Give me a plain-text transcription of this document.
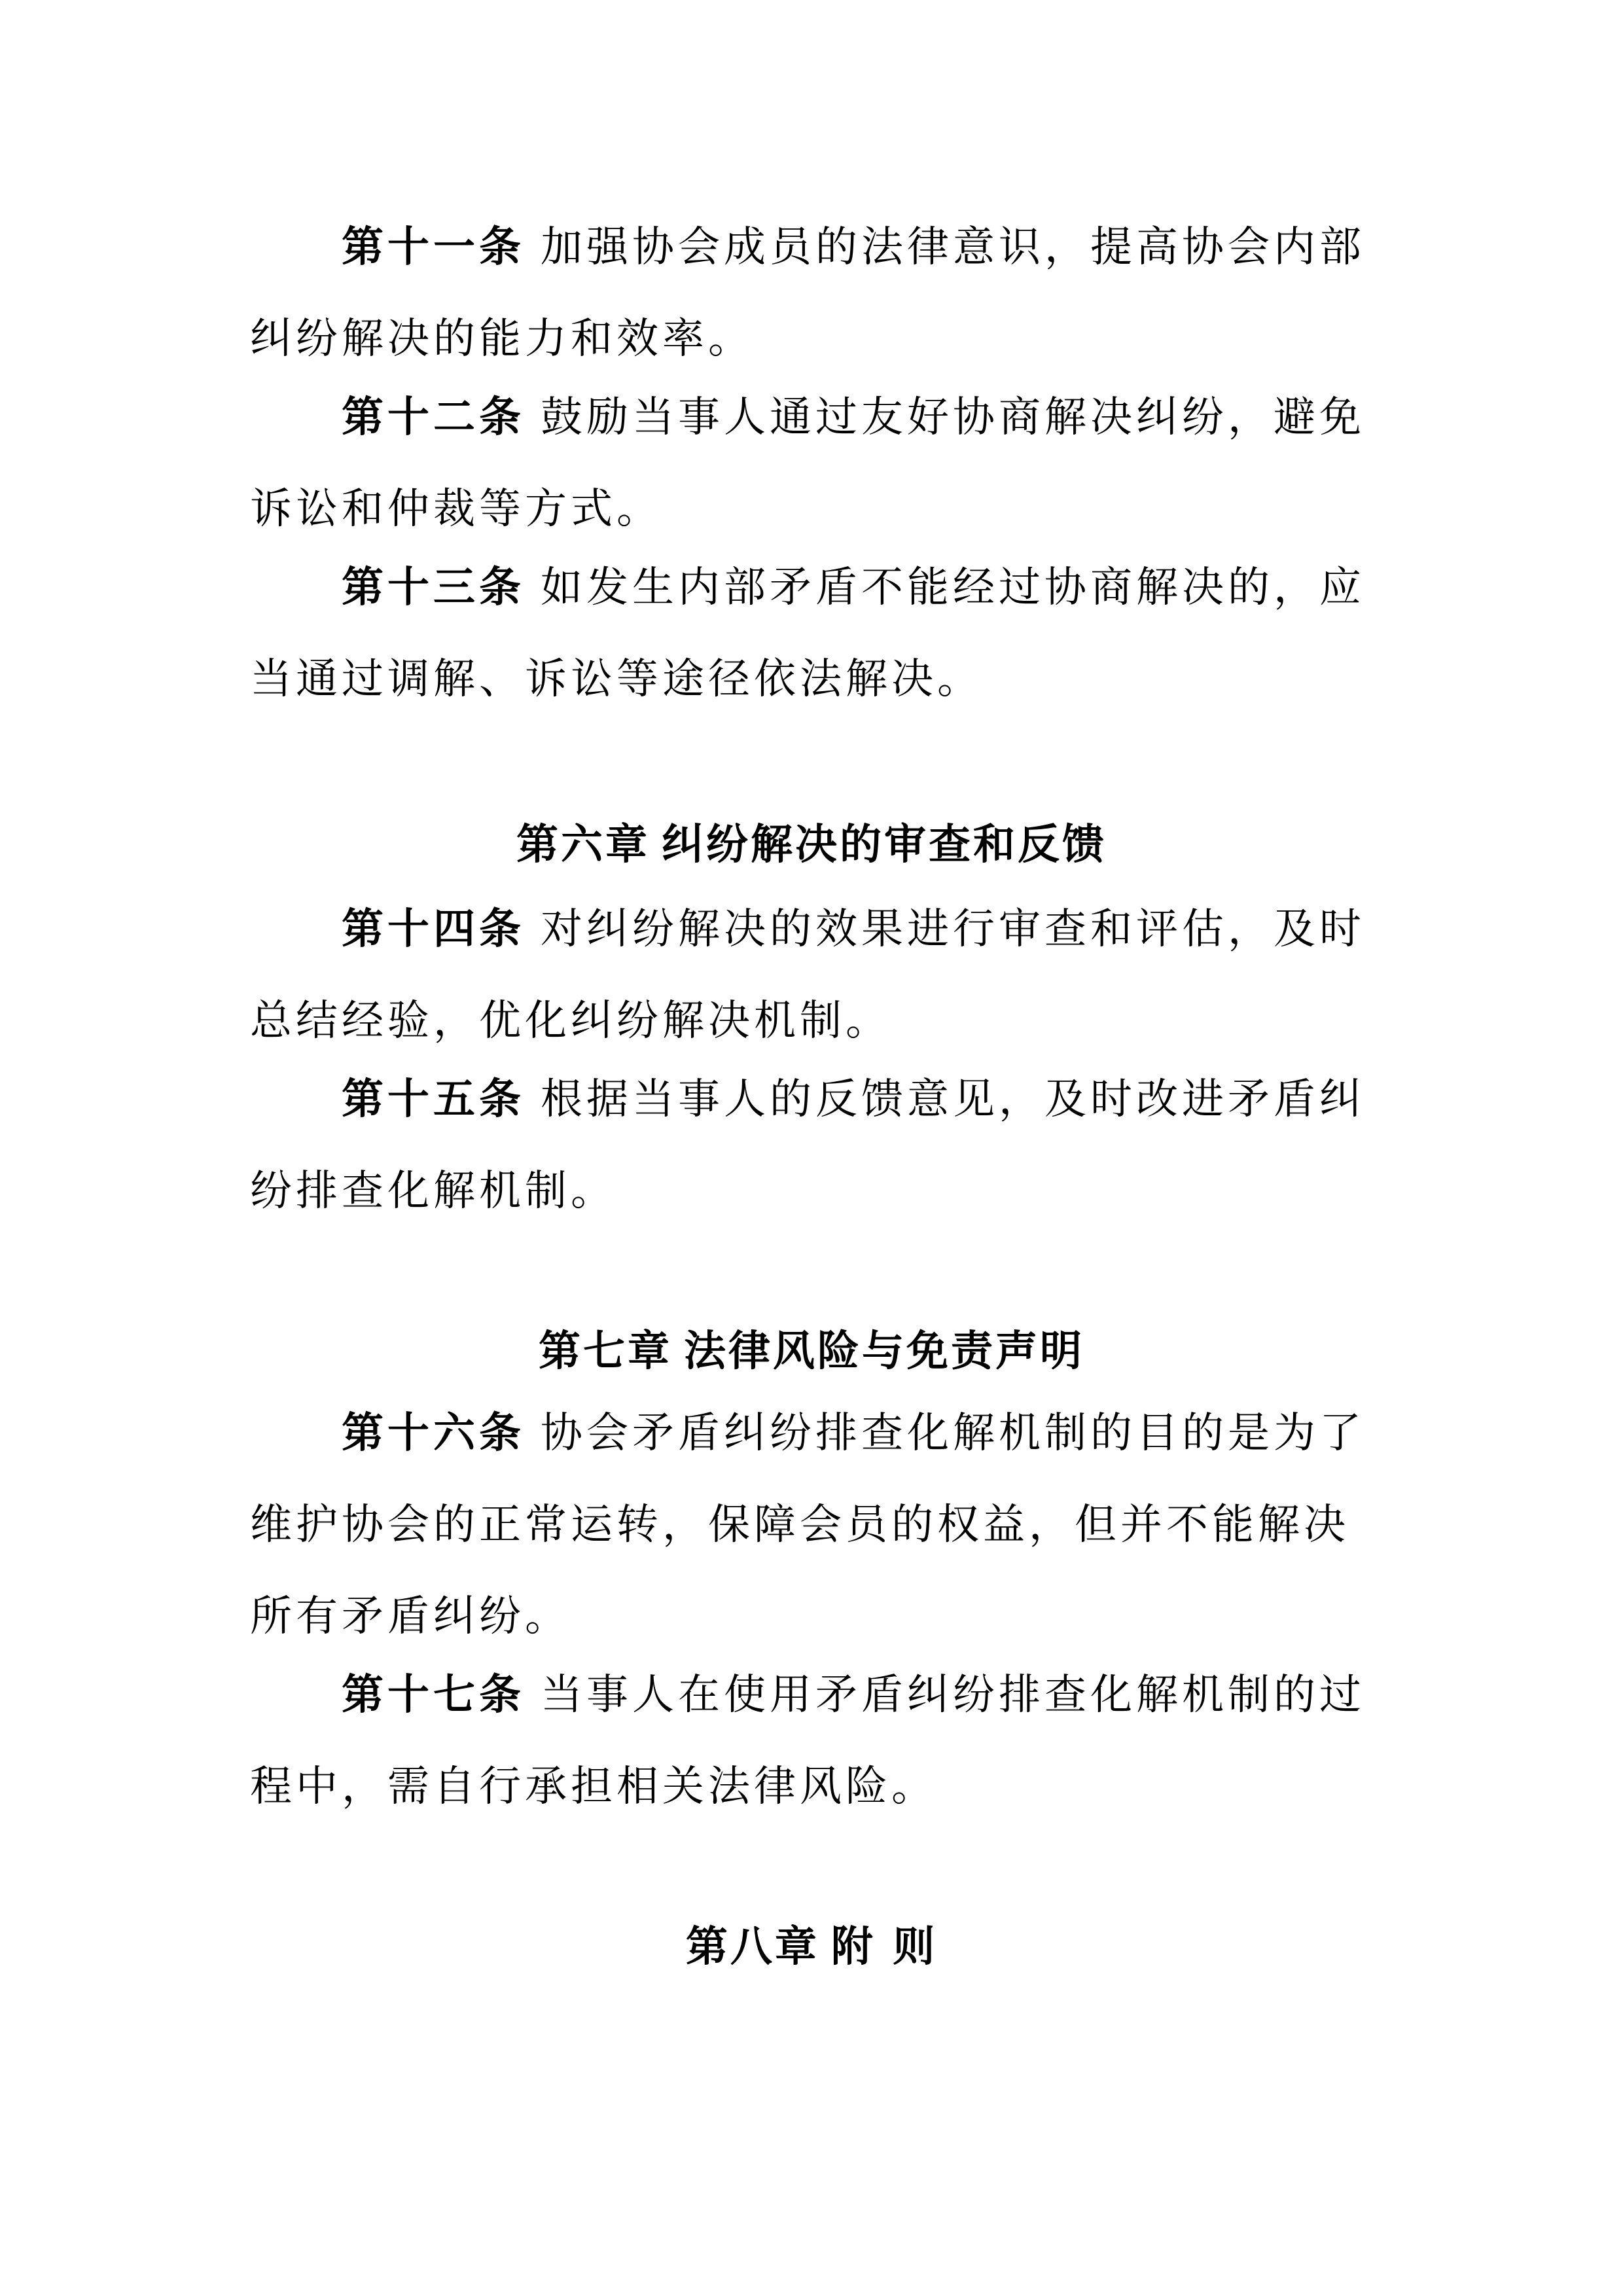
第十一条 加强协会成员的法律意识，提高协会内部纠纷解决的能力和效率。

第十二条 鼓励当事人通过友好协商解决纠纷，避免诉讼和仲裁等方式。

第十三条 如发生内部矛盾不能经过协商解决的，应当通过调解、诉讼等途径依法解决。

第六章 纠纷解决的审查和反馈

第十四条 对纠纷解决的效果进行审查和评估，及时总结经验，优化纠纷解决机制。

第十五条 根据当事人的反馈意见，及时改进矛盾纠纷排查化解机制。

第七章 法律风险与免责声明

第十六条 协会矛盾纠纷排查化解机制的目的是为了维护协会的正常运转，保障会员的权益，但并不能解决所有矛盾纠纷。

第十七条 当事人在使用矛盾纠纷排查化解机制的过程中，需自行承担相关法律风险。

第八章 附 则
